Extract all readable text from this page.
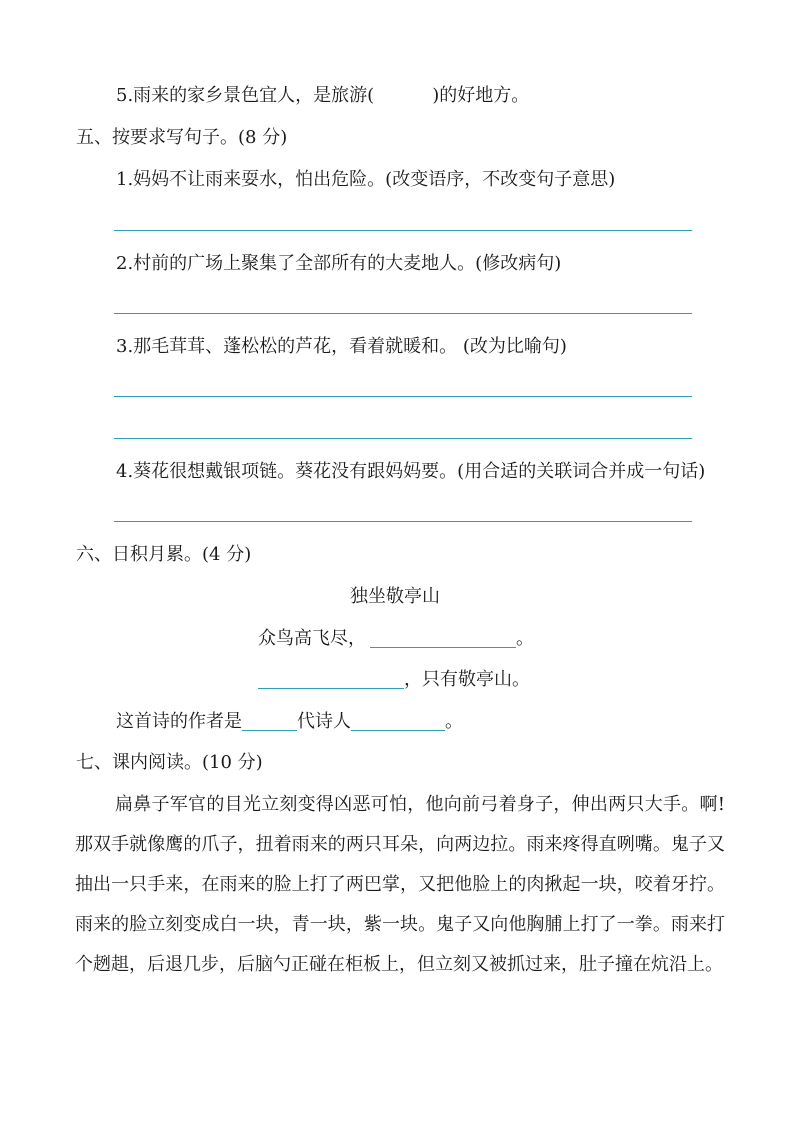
5.雨来的家乡景色宜人，是旅游(	)的好地方。
五、按要求写句子。(8 分)
1.妈妈不让雨来耍水，怕出危险。(改变语序，不改变句子意思)
2.村前的广场上聚集了全部所有的大麦地人。(修改病句)
3.那毛茸茸、蓬松松的芦花，看着就暖和。 (改为比喻句)
4.葵花很想戴银项链。葵花没有跟妈妈要。(用合适的关联词合并成一句话)
六、日积月累。(4 分)
独坐敬亭山
众鸟高飞尽，	。
，只有敬亭山。
这首诗的作者是	代诗人	。
七、课内阅读。(10 分)
扁鼻子军官的目光立刻变得凶恶可怕，他向前弓着身子，伸出两只大手。啊!那双手就像鹰的爪子，扭着雨来的两只耳朵，向两边拉。雨来疼得直咧嘴。鬼子又抽出一只手来，在雨来的脸上打了两巴掌，又把他脸上的肉揪起一块，咬着牙拧。雨来的脸立刻变成白一块，青一块，紫一块。鬼子又向他胸脯上打了一拳。雨来打个趔趄，后退几步，后脑勺正碰在柜板上，但立刻又被抓过来，肚子撞在炕沿上。
